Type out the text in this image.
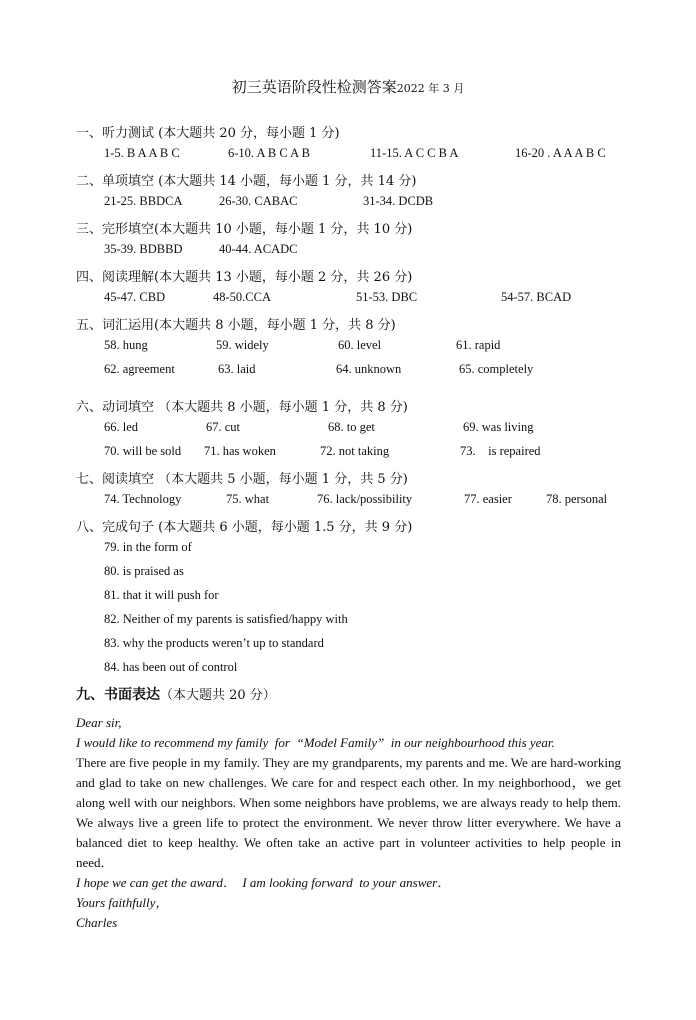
初三英语阶段性检测答案2022 年 3 月
一、听力测试 (本大题共 20 分，每小题 1 分)
1-5. B A A B C	6-10. A B C A B	11-15. A C C B A	16-20 . A A A B C
二、单项填空 (本大题共 14 小题，每小题 1 分，共 14 分)
21-25. BBDCA	26-30. CABAC	31-34. DCDB
三、完形填空(本大题共 10 小题，每小题 1 分，共 10 分)
35-39. BDBBD	40-44. ACADC
四、阅读理解(本大题共 13 小题，每小题 2 分，共 26 分)
45-47. CBD	48-50.CCA	51-53. DBC	54-57. BCAD
五、词汇运用(本大题共 8 小题，每小题 1 分，共 8 分)
58. hung	59. widely	60. level	61. rapid
62. agreement	63. laid	64. unknown	65. completely
六、动词填空 （本大题共 8 小题，每小题 1 分，共 8 分)
66. led	67. cut	68. to get	69. was living
70. will be sold 71. has woken	72. not taking	73.    is repaired
七、阅读填空 （本大题共 5 小题，每小题 1 分，共 5 分)
74. Technology	75. what	76. lack/possibility	77. easier	78. personal
八、完成句子 (本大题共 6 小题，每小题 1.5 分，共 9 分)
79. in the form of
80. is praised as
81. that it will push for
82. Neither of my parents is satisfied/happy with
83. why the products weren’t up to standard
84. has been out of control
九、书面表达（本大题共 20 分）
Dear sir,
I would like to recommend my family  for  “Model Family”  in our neighbourhood this year.
There are five people in my family. They are my grandparents, my parents and me. We are hard-working and glad to take on new challenges. We care for and respect each other. In my neighborhood，we get along well with our neighbors. When some neighbors have problems, we are always ready to help them. We always live a green life to protect the environment. We never throw litter everywhere. We have a balanced diet to keep healthy. We often take an active part in volunteer activities to help people in need．
I hope we can get the award．  I am looking forward  to your answer．
Yours faithfully，
Charles
